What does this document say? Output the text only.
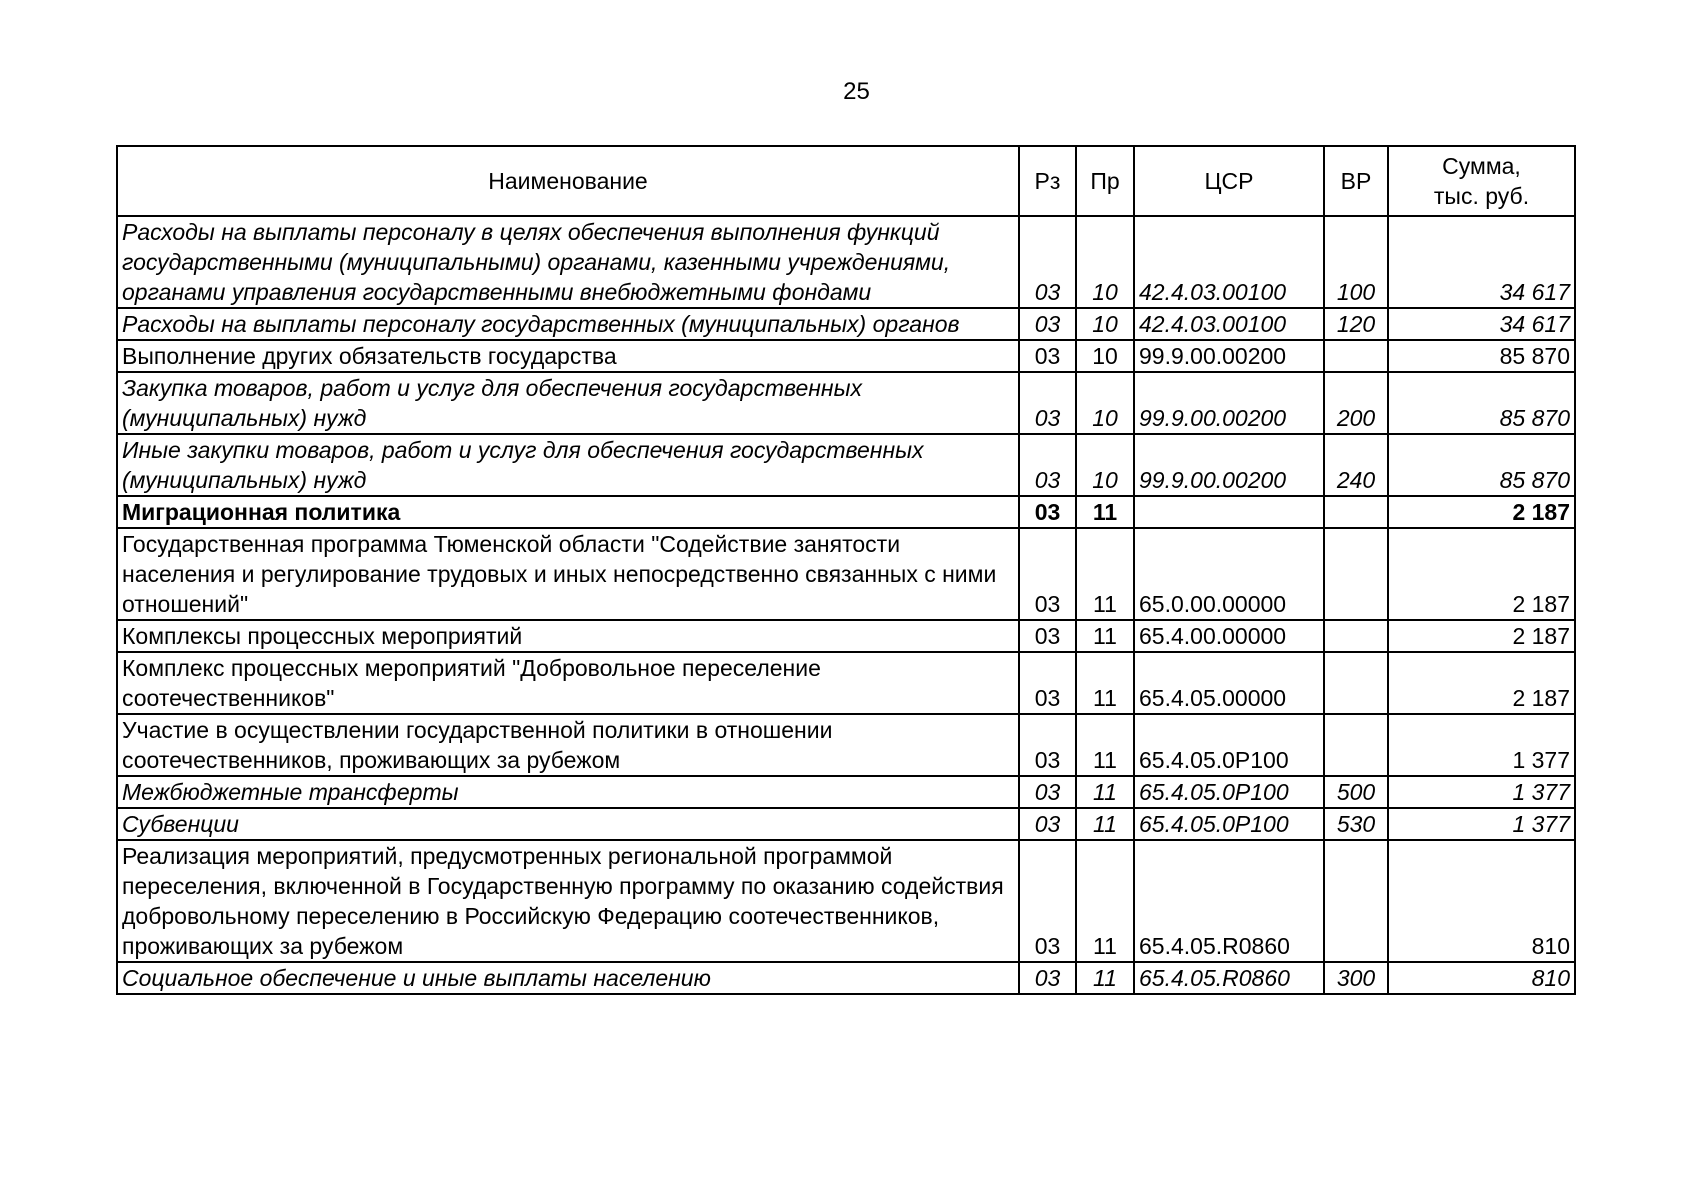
25
Наименование	Рз	Пр	ЦСР	ВР	Сумма,
тыс. руб.
Расходы на выплаты персоналу в целях обеспечения выполнения функций государственными (муниципальными) органами, казенными учреждениями, органами управления государственными внебюджетными фондами	03	10	42.4.03.00100	100	34 617
Расходы на выплаты персоналу государственных (муниципальных) органов	03	10	42.4.03.00100	120	34 617
Выполнение других обязательств государства	03	10	99.9.00.00200		85 870
Закупка товаров, работ и услуг для обеспечения государственных (муниципальных) нужд	03	10	99.9.00.00200	200	85 870
Иные закупки товаров, работ и услуг для обеспечения государственных (муниципальных) нужд	03	10	99.9.00.00200	240	85 870
Миграционная политика	03	11			2 187
Государственная программа Тюменской области "Содействие занятости населения и регулирование трудовых и иных непосредственно связанных с ними отношений"	03	11	65.0.00.00000		2 187
Комплексы процессных мероприятий	03	11	65.4.00.00000		2 187
Комплекс процессных мероприятий "Добровольное переселение соотечественников"	03	11	65.4.05.00000		2 187
Участие в осуществлении государственной политики в отношении соотечественников, проживающих за рубежом	03	11	65.4.05.0P100		1 377
Межбюджетные трансферты	03	11	65.4.05.0P100	500	1 377
Субвенции	03	11	65.4.05.0P100	530	1 377
Реализация мероприятий, предусмотренных региональной программой переселения, включенной в Государственную программу по оказанию содействия добровольному переселению в Российскую Федерацию соотечественников, проживающих за рубежом	03	11	65.4.05.R0860		810
Социальное обеспечение и иные выплаты населению	03	11	65.4.05.R0860	300	810
